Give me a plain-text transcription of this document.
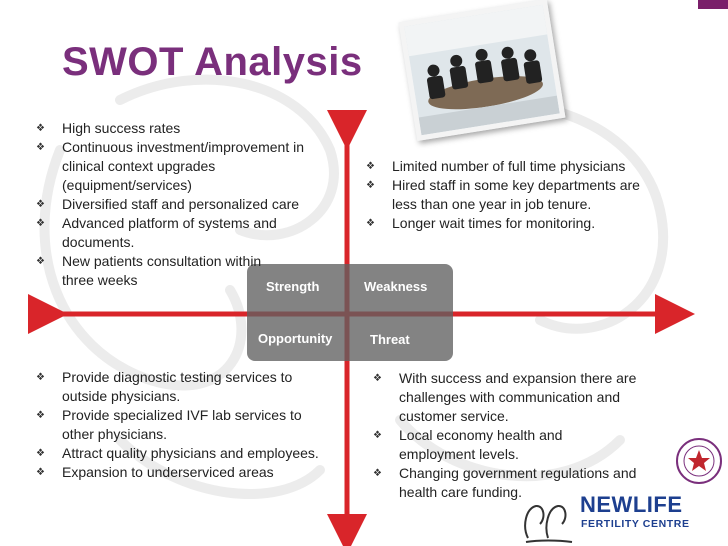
SWOT Analysis
Strength	Weakness
Opportunity	Threat
❖	High success rates
❖	Continuous investment/improvement in clinical context upgrades (equipment/services)
❖	Diversified staff and personalized care
❖	Advanced platform of systems and documents.
❖	New patients consultation within three weeks
❖	Limited number of full time physicians
❖	Hired staff in some key departments are less than one year in job tenure.
❖	Longer wait times for monitoring.
❖	Provide diagnostic testing services to outside physicians.
❖	Provide specialized IVF lab services to other physicians.
❖	Attract quality physicians and employees.
❖	Expansion to underserviced areas
❖	With success and expansion there are challenges with communication and customer service.
❖	Local economy health and employment levels.
❖	Changing government regulations and health care funding.	NEWLIFE
FERTILITY CENTRE
